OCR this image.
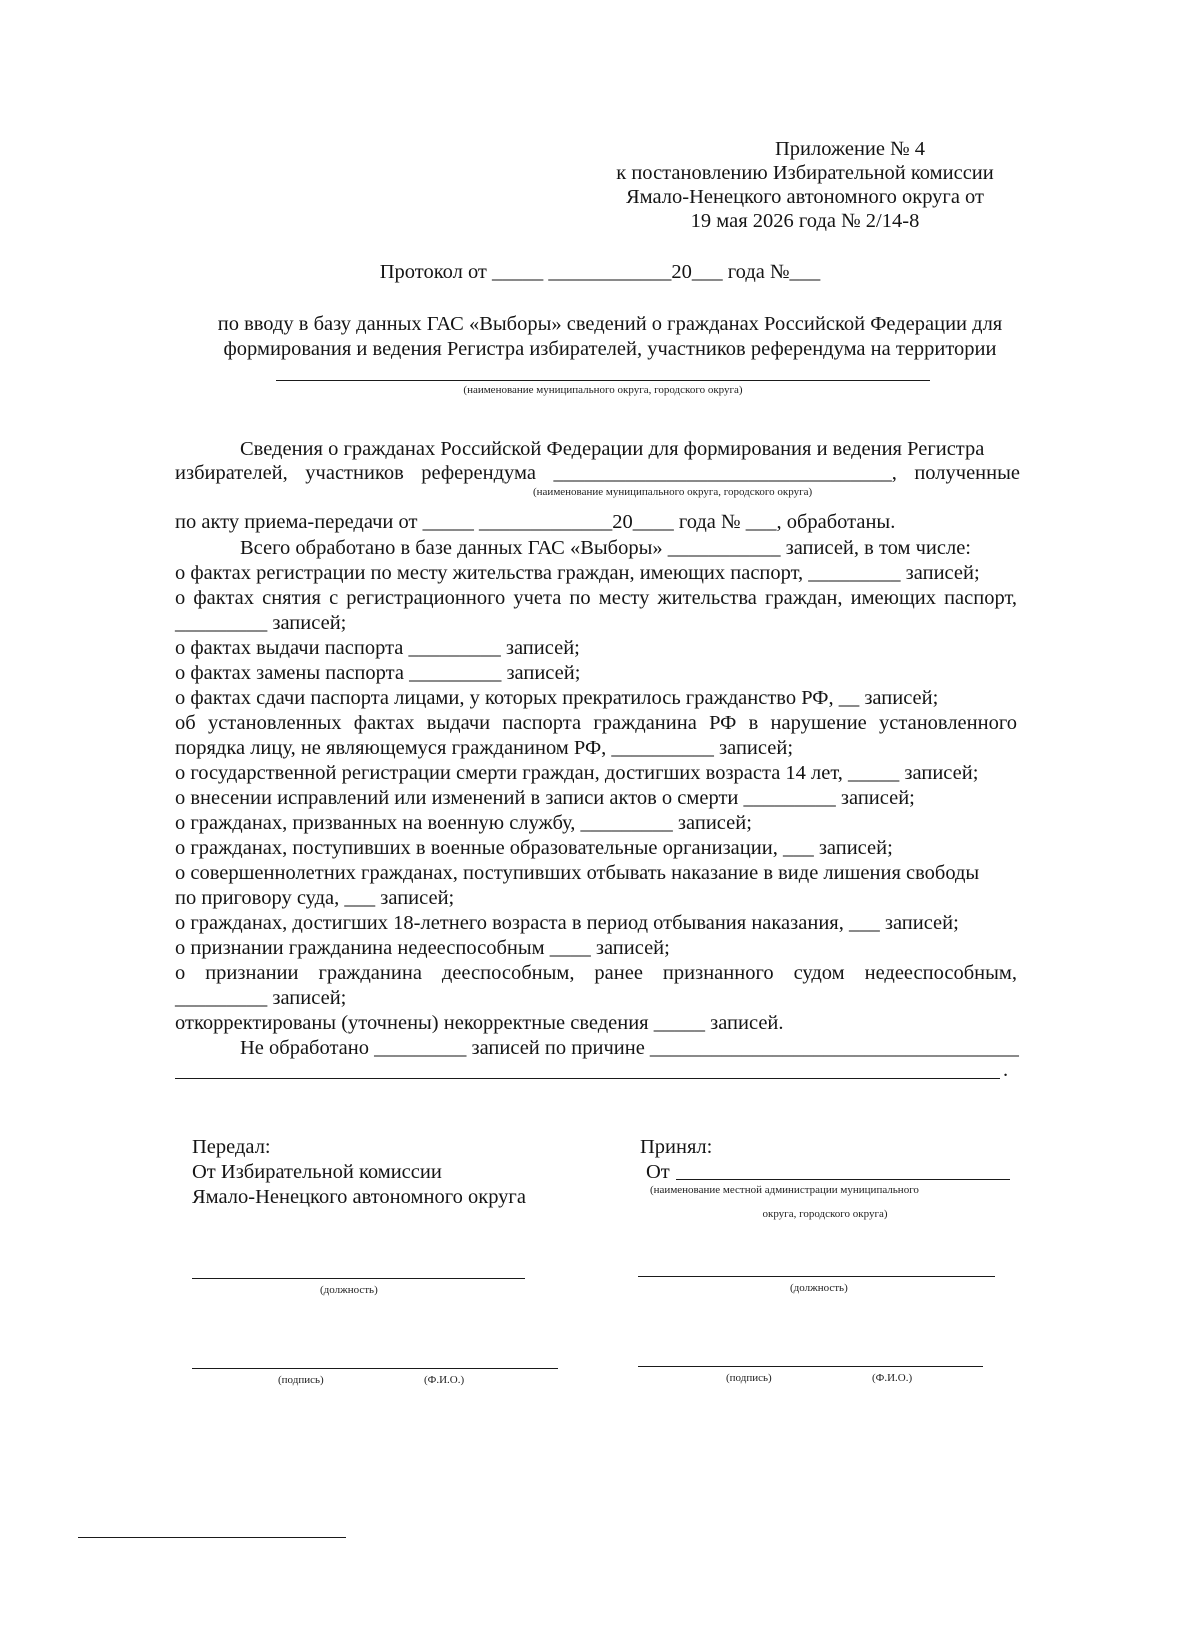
Приложение № 4
к постановлению Избирательной комиссии
Ямало-Ненецкого автономного округа от
19 мая 2026 года № 2/14-8
Протокол от _____ ____________20___ года №___
по вводу в базу данных ГАС «Выборы» сведений о гражданах Российской Федерации для
формирования и ведения Регистра избирателей, участников референдума на территории
(наименование муниципального округа, городского округа)
Сведения о гражданах Российской Федерации для формирования и ведения Регистра
избирателей, участников референдума _________________________________, полученные
(наименование муниципального округа, городского округа)
по акту приема-передачи от _____ _____________20____ года № ___, обработаны.
Всего обработано в базе данных ГАС «Выборы» ___________ записей, в том числе:
о фактах регистрации по месту жительства граждан, имеющих паспорт, _________ записей;
о фактах снятия с регистрационного учета по месту жительства граждан, имеющих паспорт,
_________ записей;
о фактах выдачи паспорта _________ записей;
о фактах замены паспорта _________ записей;
о фактах сдачи паспорта лицами, у которых прекратилось гражданство РФ, __ записей;
об установленных фактах выдачи паспорта гражданина РФ в нарушение установленного
порядка лицу, не являющемуся гражданином РФ, __________ записей;
о государственной регистрации смерти граждан, достигших возраста 14 лет, _____ записей;
о внесении исправлений или изменений в записи актов о смерти _________ записей;
о гражданах, призванных на военную службу, _________ записей;
о гражданах, поступивших в военные образовательные организации, ___ записей;
о совершеннолетних гражданах, поступивших отбывать наказание в виде лишения свободы
по приговору суда, ___ записей;
о гражданах, достигших 18-летнего возраста в период отбывания наказания, ___ записей;
о признании гражданина недееспособным ____ записей;
о признании гражданина дееспособным, ранее признанного судом недееспособным,
_________ записей;
откорректированы (уточнены) некорректные сведения _____ записей.
Не обработано _________ записей по причине ____________________________________
.
Передал:
От Избирательной комиссии
Ямало-Ненецкого автономного округа
(должность)
(подпись)	(Ф.И.О.)
Принял:
От
(наименование местной администрации муниципального
округа, городского округа)
(должность)
(подпись)	(Ф.И.О.)
